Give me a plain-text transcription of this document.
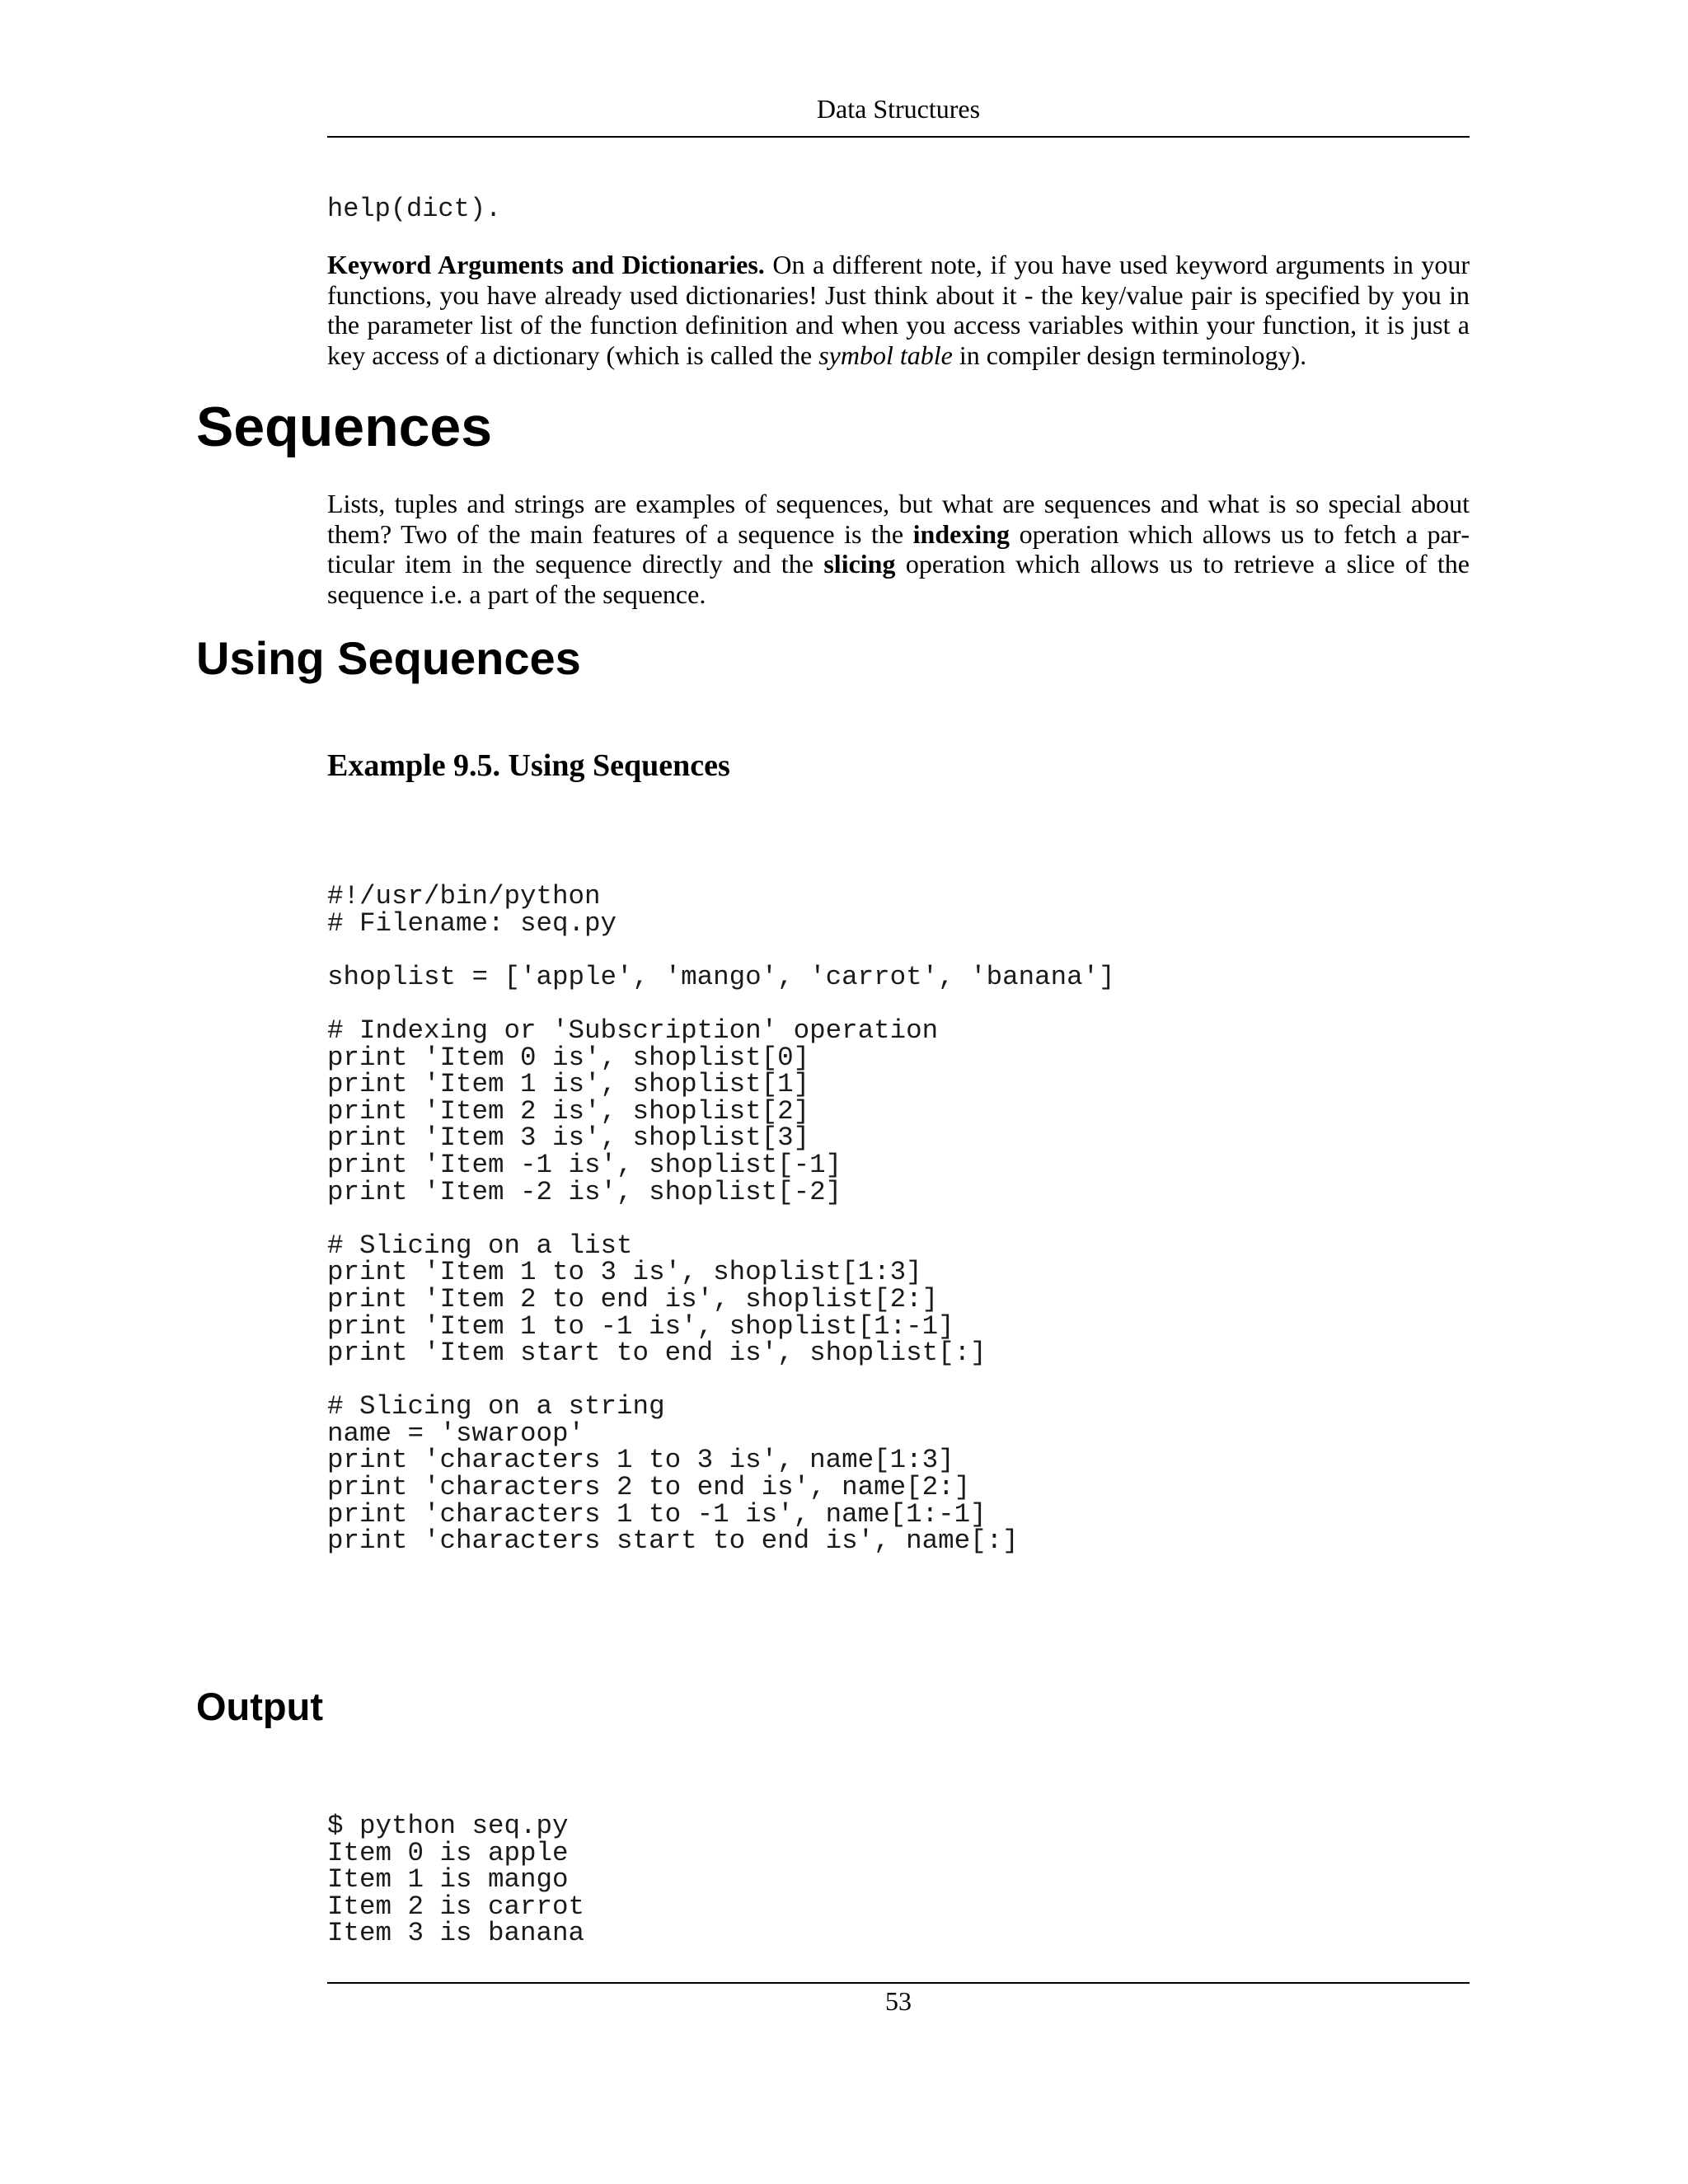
Data Structures
help(dict).

Keyword Arguments and Dictionaries. On a different note, if you have used keyword arguments in your functions, you have already used dictionaries! Just think about it - the key/value pair is specified by you in the parameter list of the function definition and when you access variables within your function, it is just a key access of a dictionary (which is called the symbol table in compiler design terminology).

Sequences

Lists, tuples and strings are examples of sequences, but what are sequences and what is so special about them? Two of the main features of a sequence is the indexing operation which allows us to fetch a particular item in the sequence directly and the slicing operation which allows us to retrieve a slice of the sequence i.e. a part of the sequence.

Using Sequences
Example 9.5. Using Sequences
#!/usr/bin/python
# Filename: seq.py

shoplist = ['apple', 'mango', 'carrot', 'banana']

# Indexing or 'Subscription' operation
print 'Item 0 is', shoplist[0]
print 'Item 1 is', shoplist[1]
print 'Item 2 is', shoplist[2]
print 'Item 3 is', shoplist[3]
print 'Item -1 is', shoplist[-1]
print 'Item -2 is', shoplist[-2]

# Slicing on a list
print 'Item 1 to 3 is', shoplist[1:3]
print 'Item 2 to end is', shoplist[2:]
print 'Item 1 to -1 is', shoplist[1:-1]
print 'Item start to end is', shoplist[:]

# Slicing on a string
name = 'swaroop'
print 'characters 1 to 3 is', name[1:3]
print 'characters 2 to end is', name[2:]
print 'characters 1 to -1 is', name[1:-1]
print 'characters start to end is', name[:]
Output
$ python seq.py
Item 0 is apple
Item 1 is mango
Item 2 is carrot
Item 3 is banana
53
